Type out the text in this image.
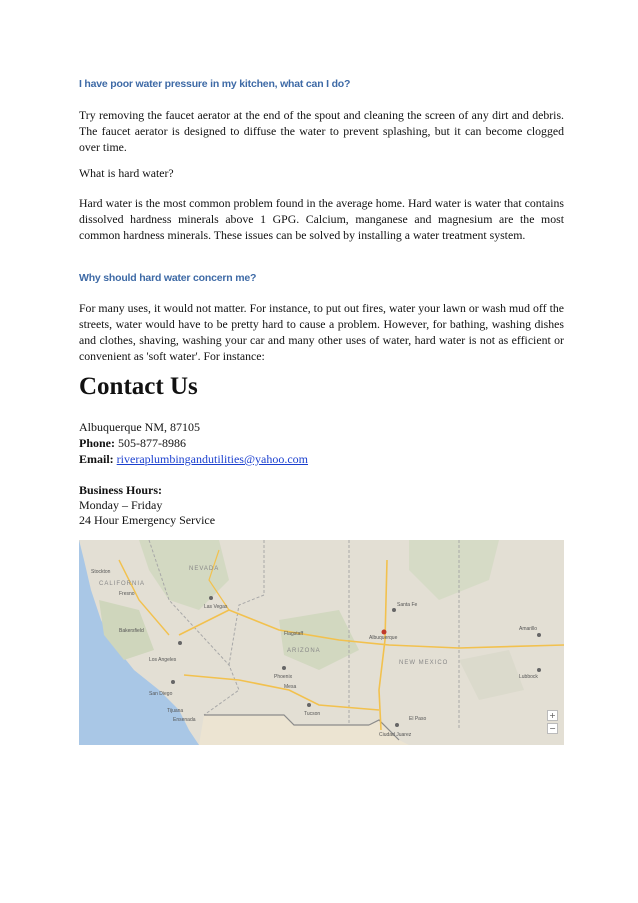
I have poor water pressure in my kitchen, what can I do?

Try removing the faucet aerator at the end of the spout and cleaning the screen of any dirt and debris. The faucet aerator is designed to diffuse the water to prevent splashing, but it can become clogged over time.

What is hard water?

Hard water is the most common problem found in the average home. Hard water is water that contains dissolved hardness minerals above 1 GPG. Calcium, manganese and magnesium are the most common hardness minerals. These issues can be solved by installing a water treatment system.

Why should hard water concern me?

For many uses, it would not matter. For instance, to put out fires, water your lawn or wash mud off the streets, water would have to be pretty hard to cause a problem. However, for bathing, washing dishes and clothes, shaving, washing your car and many other uses of water, hard water is not as efficient or convenient as 'soft water'. For instance:

Contact Us

Albuquerque NM, 87105

Phone: 505-877-8986

Email: riveraplumbingandutilities@yahoo.com

Business Hours:

Monday – Friday

24 Hour Emergency Service

Stockton
CALIFORNIA
Fresno
NEVADA
Las Vegas
Bakersfield
Los Angeles
San Diego
Tijuana
Ensenada
Flagstaff
ARIZONA
Phoenix
Mesa
Tucson
Santa Fe
Albuquerque
NEW MEXICO
Amarillo
Lubbock
El Paso
Ciudad Juarez
+
−
